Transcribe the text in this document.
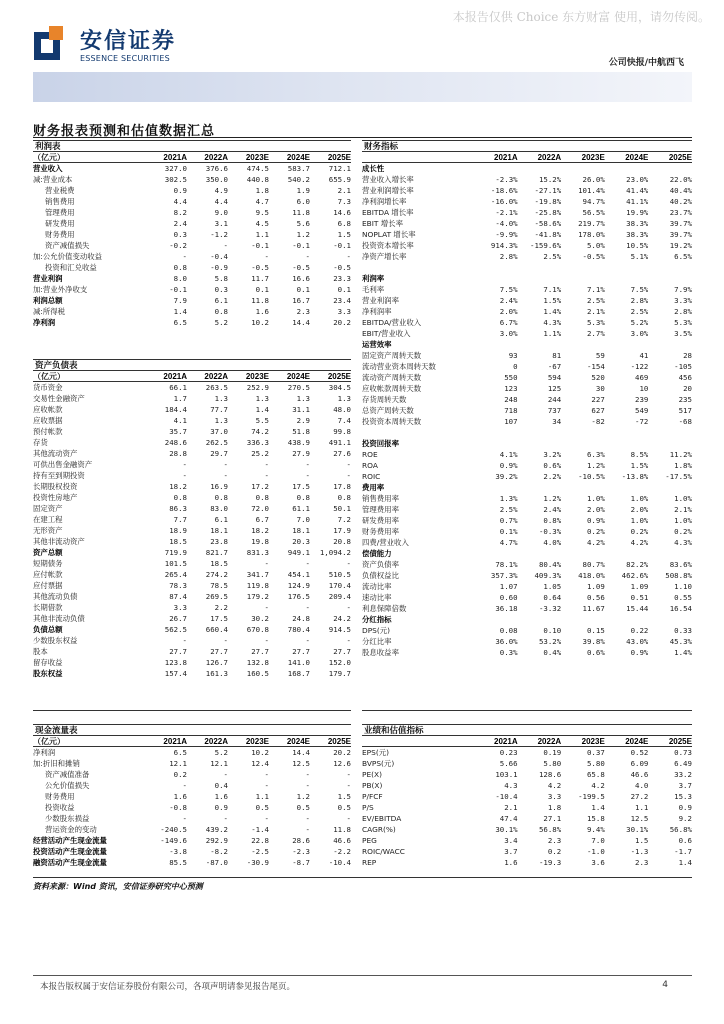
本报告仅供 Choice 东方财富 使用，请勿传阅。
安信证券
ESSENCE SECURITIES	公司快报/中航西飞
财务报表预测和估值数据汇总
利润表
（亿元）	2021A	2022A	2023E	2024E	2025E
营业收入	327.0	376.6	474.5	583.7	712.1
减:营业成本	302.5	350.0	440.8	540.2	655.9
营业税费	0.9	4.9	1.8	1.9	2.1
销售费用	4.4	4.4	4.7	6.0	7.3
管理费用	8.2	9.0	9.5	11.8	14.6
研发费用	2.4	3.1	4.5	5.6	6.8
财务费用	0.3	-1.2	1.1	1.2	1.5
资产减值损失	-0.2	-	-0.1	-0.1	-0.1
加:公允价值变动收益	-	-0.4	-	-	-
投资和汇兑收益	0.8	-0.9	-0.5	-0.5	-0.5
营业利润	8.0	5.8	11.7	16.6	23.3
加:营业外净收支	-0.1	0.3	0.1	0.1	0.1
利润总额	7.9	6.1	11.8	16.7	23.4
减:所得税	1.4	0.8	1.6	2.3	3.3
净利润	6.5	5.2	10.2	14.4	20.2
资产负债表
（亿元）	2021A	2022A	2023E	2024E	2025E
货币资金	66.1	263.5	252.9	270.5	304.5
交易性金融资产	1.7	1.3	1.3	1.3	1.3
应收帐款	184.4	77.7	1.4	31.1	48.0
应收票据	4.1	1.3	5.5	2.9	7.4
预付帐款	35.7	37.0	74.2	51.8	99.8
存货	248.6	262.5	336.3	438.9	491.1
其他流动资产	28.8	29.7	25.2	27.9	27.6
可供出售金融资产	-	-	-	-	-
持有至到期投资	-	-	-	-	-
长期股权投资	18.2	16.9	17.2	17.5	17.8
投资性房地产	0.8	0.8	0.8	0.8	0.8
固定资产	86.3	83.0	72.0	61.1	50.1
在建工程	7.7	6.1	6.7	7.0	7.2
无形资产	18.9	18.1	18.2	18.1	17.9
其他非流动资产	18.5	23.8	19.8	20.3	20.8
资产总额	719.9	821.7	831.3	949.1	1,094.2
短期债务	101.5	18.5	-	-	-
应付帐款	265.4	274.2	341.7	454.1	510.5
应付票据	78.3	78.5	119.8	124.9	170.4
其他流动负债	87.4	269.5	179.2	176.5	209.4
长期借款	3.3	2.2	-	-	-
其他非流动负债	26.7	17.5	30.2	24.8	24.2
负债总额	562.5	660.4	670.8	780.4	914.5
少数股东权益	-	-	-	-	-
股本	27.7	27.7	27.7	27.7	27.7
留存收益	123.8	126.7	132.8	141.0	152.0
股东权益	157.4	161.3	160.5	168.7	179.7
现金流量表
（亿元）	2021A	2022A	2023E	2024E	2025E
净利润	6.5	5.2	10.2	14.4	20.2
加:折旧和摊销	12.1	12.1	12.4	12.5	12.6
资产减值准备	0.2	-	-	-	-
公允价值损失	-	0.4	-	-	-
财务费用	1.6	1.6	1.1	1.2	1.5
投资收益	-0.8	0.9	0.5	0.5	0.5
少数股东损益	-	-	-	-	-
营运资金的变动	-240.5	439.2	-1.4	-	11.8
经营活动产生现金流量	-149.6	292.9	22.8	28.6	46.6
投资活动产生现金流量	-3.8	-8.2	-2.5	-2.3	-2.2
融资活动产生现金流量	85.5	-87.0	-30.9	-8.7	-10.4
财务指标
2021A	2022A	2023E	2024E	2025E
成长性
营业收入增长率	-2.3%	15.2%	26.0%	23.0%	22.0%
营业利润增长率	-18.6%	-27.1%	101.4%	41.4%	40.4%
净利润增长率	-16.0%	-19.8%	94.7%	41.1%	40.2%
EBITDA 增长率	-2.1%	-25.8%	56.5%	19.9%	23.7%
EBIT 增长率	-4.0%	-58.6%	219.7%	38.3%	39.7%
NOPLAT 增长率	-9.9%	-41.8%	178.0%	38.3%	39.7%
投资资本增长率	914.3%	-159.6%	5.0%	10.5%	19.2%
净资产增长率	2.8%	2.5%	-0.5%	5.1%	6.5%
利润率
毛利率	7.5%	7.1%	7.1%	7.5%	7.9%
营业利润率	2.4%	1.5%	2.5%	2.8%	3.3%
净利润率	2.0%	1.4%	2.1%	2.5%	2.8%
EBITDA/营业收入	6.7%	4.3%	5.3%	5.2%	5.3%
EBIT/营业收入	3.0%	1.1%	2.7%	3.0%	3.5%
运营效率
固定资产周转天数	93	81	59	41	28
流动营业资本周转天数	0	-67	-154	-122	-105
流动资产周转天数	550	594	520	469	456
应收帐款周转天数	123	125	30	10	20
存货周转天数	248	244	227	239	235
总资产周转天数	718	737	627	549	517
投资资本周转天数	107	34	-82	-72	-68
投资回报率
ROE	4.1%	3.2%	6.3%	8.5%	11.2%
ROA	0.9%	0.6%	1.2%	1.5%	1.8%
ROIC	39.2%	2.2%	-10.5%	-13.8%	-17.5%
费用率
销售费用率	1.3%	1.2%	1.0%	1.0%	1.0%
管理费用率	2.5%	2.4%	2.0%	2.0%	2.1%
研发费用率	0.7%	0.8%	0.9%	1.0%	1.0%
财务费用率	0.1%	-0.3%	0.2%	0.2%	0.2%
四费/营业收入	4.7%	4.0%	4.2%	4.2%	4.3%
偿债能力
资产负债率	78.1%	80.4%	80.7%	82.2%	83.6%
负债权益比	357.3%	409.3%	418.0%	462.6%	508.8%
流动比率	1.07	1.05	1.09	1.09	1.10
速动比率	0.60	0.64	0.56	0.51	0.55
利息保障倍数	36.18	-3.32	11.67	15.44	16.54
分红指标
DPS(元)	0.08	0.10	0.15	0.22	0.33
分红比率	36.0%	53.2%	39.8%	43.0%	45.3%
股息收益率	0.3%	0.4%	0.6%	0.9%	1.4%
业绩和估值指标
2021A	2022A	2023E	2024E	2025E
EPS(元)	0.23	0.19	0.37	0.52	0.73
BVPS(元)	5.66	5.80	5.80	6.09	6.49
PE(X)	103.1	128.6	65.8	46.6	33.2
PB(X)	4.3	4.2	4.2	4.0	3.7
P/FCF	-10.4	3.3	-199.5	27.2	15.3
P/S	2.1	1.8	1.4	1.1	0.9
EV/EBITDA	47.4	27.1	15.8	12.5	9.2
CAGR(%)	30.1%	56.8%	9.4%	30.1%	56.8%
PEG	3.4	2.3	7.0	1.5	0.6
ROIC/WACC	3.7	0.2	-1.0	-1.3	-1.7
REP	1.6	-19.3	3.6	2.3	1.4
资料来源：Wind 资讯，安信证券研究中心预测
本报告版权属于安信证券股份有限公司，各项声明请参见报告尾页。	4
